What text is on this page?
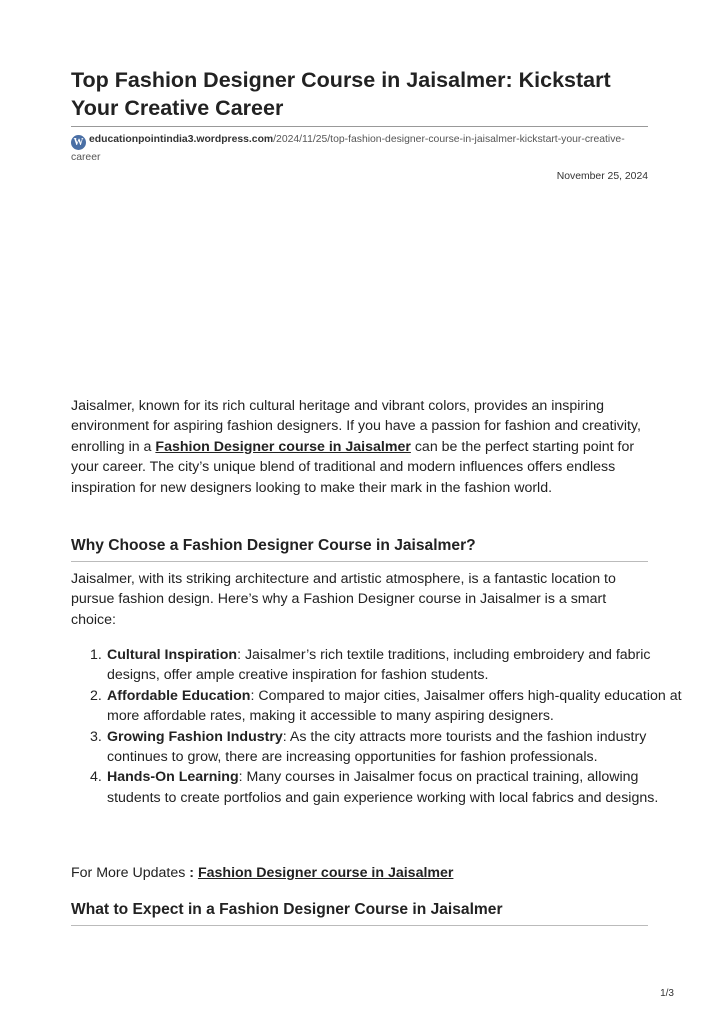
Top Fashion Designer Course in Jaisalmer: Kickstart Your Creative Career
W educationpointindia3.wordpress.com/2024/11/25/top-fashion-designer-course-in-jaisalmer-kickstart-your-creative-career
November 25, 2024

Jaisalmer, known for its rich cultural heritage and vibrant colors, provides an inspiring environment for aspiring fashion designers. If you have a passion for fashion and creativity, enrolling in a Fashion Designer course in Jaisalmer can be the perfect starting point for your career. The city’s unique blend of traditional and modern influences offers endless inspiration for new designers looking to make their mark in the fashion world.

Why Choose a Fashion Designer Course in Jaisalmer?

Jaisalmer, with its striking architecture and artistic atmosphere, is a fantastic location to pursue fashion design. Here’s why a Fashion Designer course in Jaisalmer is a smart choice:

1. Cultural Inspiration: Jaisalmer’s rich textile traditions, including embroidery and fabric designs, offer ample creative inspiration for fashion students.
2. Affordable Education: Compared to major cities, Jaisalmer offers high-quality education at more affordable rates, making it accessible to many aspiring designers.
3. Growing Fashion Industry: As the city attracts more tourists and the fashion industry continues to grow, there are increasing opportunities for fashion professionals.
4. Hands-On Learning: Many courses in Jaisalmer focus on practical training, allowing students to create portfolios and gain experience working with local fabrics and designs.

For More Updates : Fashion Designer course in Jaisalmer

What to Expect in a Fashion Designer Course in Jaisalmer
1/3
